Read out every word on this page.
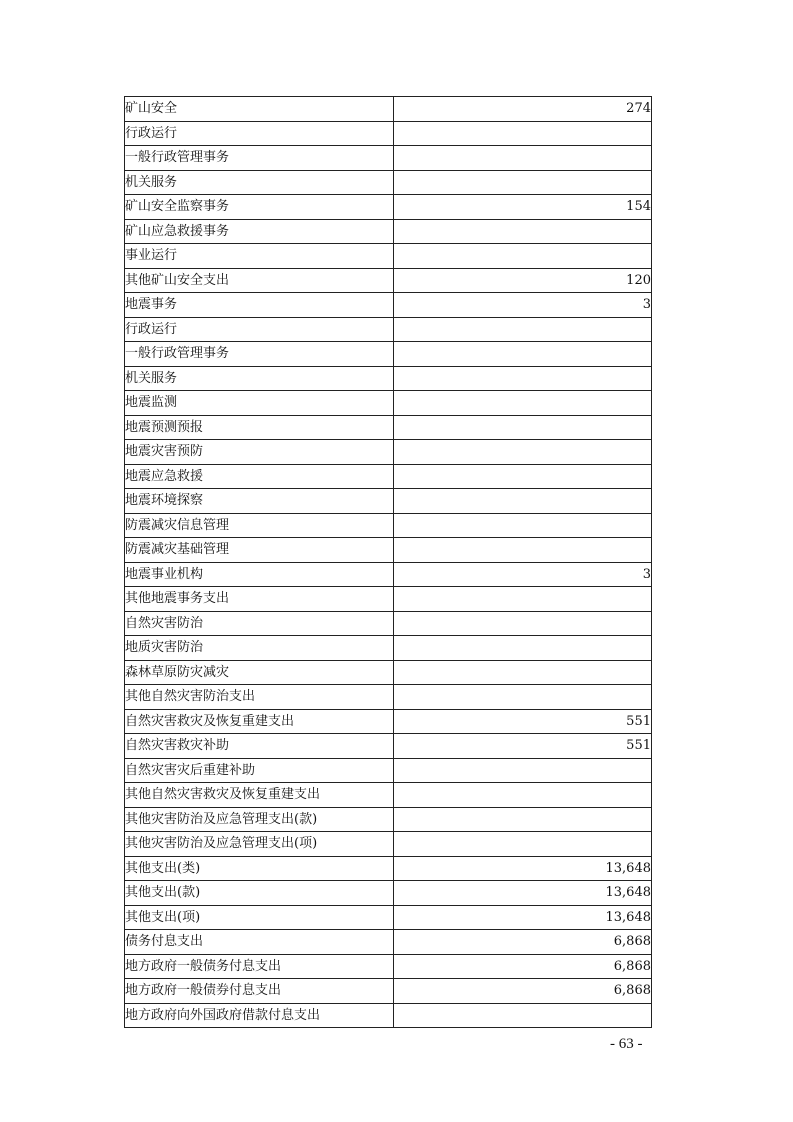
矿山安全	274
行政运行	
一般行政管理事务	
机关服务	
矿山安全监察事务	154
矿山应急救援事务	
事业运行	
其他矿山安全支出	120
地震事务	3
行政运行	
一般行政管理事务	
机关服务	
地震监测	
地震预测预报	
地震灾害预防	
地震应急救援	
地震环境探察	
防震减灾信息管理	
防震减灾基础管理	
地震事业机构	3
其他地震事务支出	
自然灾害防治	
地质灾害防治	
森林草原防灾减灾	
其他自然灾害防治支出	
自然灾害救灾及恢复重建支出	551
自然灾害救灾补助	551
自然灾害灾后重建补助	
其他自然灾害救灾及恢复重建支出	
其他灾害防治及应急管理支出(款)	
其他灾害防治及应急管理支出(项)	
其他支出(类)	13,648
其他支出(款)	13,648
其他支出(项)	13,648
债务付息支出	6,868
地方政府一般债务付息支出	6,868
地方政府一般债券付息支出	6,868
地方政府向外国政府借款付息支出	
- 63 -
